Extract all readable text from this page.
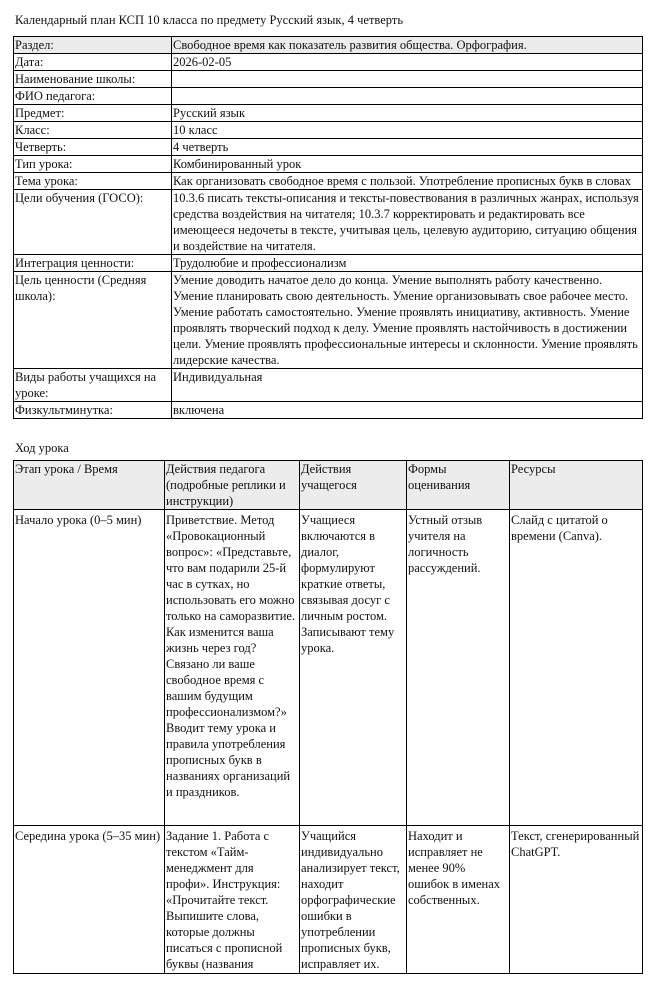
Календарный план КСП 10 класса по предмету Русский язык, 4 четверть
Раздел:	Свободное время как показатель развития общества. Орфография.
Дата:	2026-02-05
Наименование школы:	
ФИО педагога:	
Предмет:	Русский язык
Класс:	10 класс
Четверть:	4 четверть
Тип урока:	Комбинированный урок
Тема урока:	Как организовать свободное время с пользой. Употребление прописных букв в словах
Цели обучения (ГОСО):	10.3.6 писать тексты-описания и тексты-повествования в различных жанрах, используя средства воздействия на читателя; 10.3.7 корректировать и редактировать все имеющееся недочеты в тексте, учитывая цель, целевую аудиторию, ситуацию общения и воздействие на читателя.
Интеграция ценности:	Трудолюбие и профессионализм
Цель ценности (Средняя школа):	Умение доводить начатое дело до конца. Умение выполнять работу качественно. Умение планировать свою деятельность. Умение организовывать свое рабочее место. Умение работать самостоятельно. Умение проявлять инициативу, активность. Умение проявлять творческий подход к делу. Умение проявлять настойчивость в достижении цели. Умение проявлять профессиональные интересы и склонности. Умение проявлять лидерские качества.
Виды работы учащихся на уроке:	Индивидуальная
Физкультминутка:	включена
Ход урока
Этап урока / Время	Действия педагога (подробные реплики и инструкции)	Действия учащегося	Формы оценивания	Ресурсы
Начало урока (0–5 мин)	Приветствие. Метод «Провокационный вопрос»: «Представьте, что вам подарили 25-й час в сутках, но использовать его можно только на саморазвитие. Как изменится ваша жизнь через год? Связано ли ваше свободное время с вашим будущим профессионализмом?» Вводит тему урока и правила употребления прописных букв в названиях организаций и праздников.	Учащиеся включаются в диалог, формулируют краткие ответы, связывая досуг с личным ростом. Записывают тему урока.	Устный отзыв учителя на логичность рассуждений.	Слайд с цитатой о времени (Canva).
Середина урока (5–35 мин)	Задание 1. Работа с текстом «Тайм-менеджмент для профи». Инструкция: «Прочитайте текст. Выпишите слова, которые должны писаться с прописной буквы (названия	Учащийся индивидуально анализирует текст, находит орфографические ошибки в употреблении прописных букв, исправляет их.	Находит и исправляет не менее 90% ошибок в именах собственных.	Текст, сгенерированный ChatGPT.
